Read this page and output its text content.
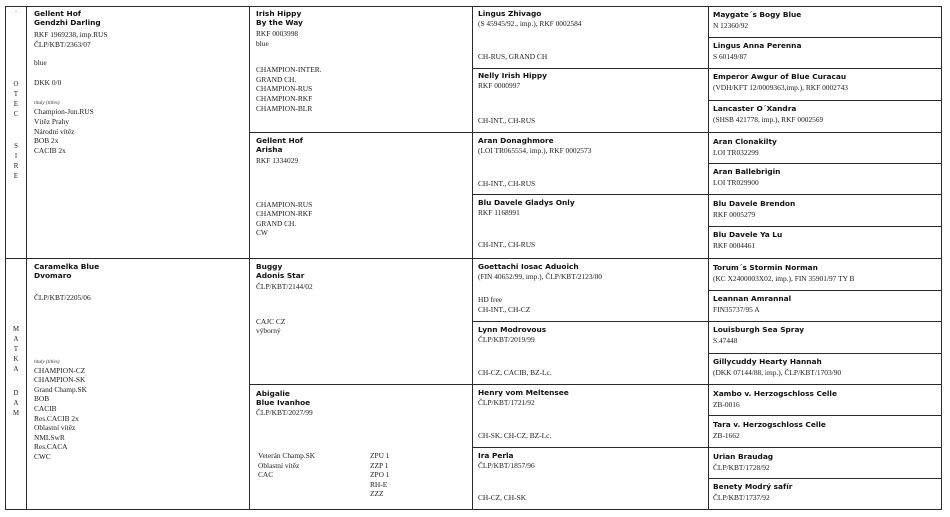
·
O
T
E
C
S
I
R
E
M
A
T
K
A
D
A
M
Gellent Hof
Gendzhi Darling
RKF 1969238, imp.RUS
ČLP/KBT/2363/07
blue
DKK 0/0
tituly (titles)
Champion-Jun.RUS
Vítěz Prahy
Národní vítěz
BOB 2x
CACIB 2x
Caramelka Blue
Dvomaro
ČLP/KBT/2205/06
tituly (titles)
CHAMPION-CZ
CHAMPION-SK
Grand Champ.SK
BOB
CACIB
Res.CACIB 2x
Oblastní vítěz
NMLSwR
Res.CACA
CWC
Irish Hippy
By the Way
RKF 0003998
blue
CHAMPION-INTER.
GRAND CH.
CHAMPION-RUS
CHAMPION-RKF
CHAMPION-BLR
Gellent Hof
Arisha
RKF 1334029
CHAMPION-RUS
CHAMPION-RKF
GRAND CH.
CW
Buggy
Adonis Star
ČLP/KBT/2144/02
CAJC CZ
výborný
Abigalie
Blue Ivanhoe
ČLP/KBT/2027/99
Veterán Champ.SK
Oblastní vítěz
CAC
ZPU 1
ZZP 1
ZPO 1
RH-E
ZZZ
Lingus Zhivago
(S 45945/92., imp.), RKF 0002584
CH-RUS, GRAND CH
Nelly Irish Hippy
RKF 0000997
CH-INT., CH-RUS
Aran Donaghmore
(LOI TR065554, imp.), RKF 0002573
CH-INT., CH-RUS
Blu Davele Gladys Only
RKF 1168991
CH-INT., CH-RUS
Goettachi Iosac Aduoich
(FIN 40652/99, imp.), ČLP/KBT/2123/00
HD free
CH-INT., CH-CZ
Lynn Modrovous
ČLP/KBT/2019/99
CH-CZ, CACIB, BZ-Lc.
Henry vom Meltensee
ČLP/KBT/1721/92
CH-SK, CH-CZ, BZ-Lc.
Ira Perla
ČLP/KBT/1857/96
CH-CZ, CH-SK
Maygate´s Bogy Blue
N 12360/92
Lingus Anna Perenna
S 60149/87
Emperor Awgur of Blue Curacau
(VDH/KFT 12/0009363,imp.), RKF 0002743
Lancaster O´Xandra
(SHSB 421778, imp.), RKF 0002569
Aran Clonakilty
LOI TR032299
Aran Ballebrigin
LOI TR029900
Blu Davele Brendon
RKF 0005279
Blu Davele Ya Lu
RKF 0004461
Torum´s Stormin Norman
(KC X2400003X02, imp.), FIN 35901/97 TY B
Leannan Amrannal
FIN35737/95 A
Louisburgh Sea Spray
S.47448
Gillycuddy Hearty Hannah
(DKK 07144/88, imp.), ČLP/KBT/1703/90
Xambo v. Herzogschloss Celle
ZB-0016
Tara v. Herzogschloss Celle
ZB-1662
Urian Braudag
ČLP/KBT/1728/92
Benety Modrý safír
ČLP/KBT/1737/92
